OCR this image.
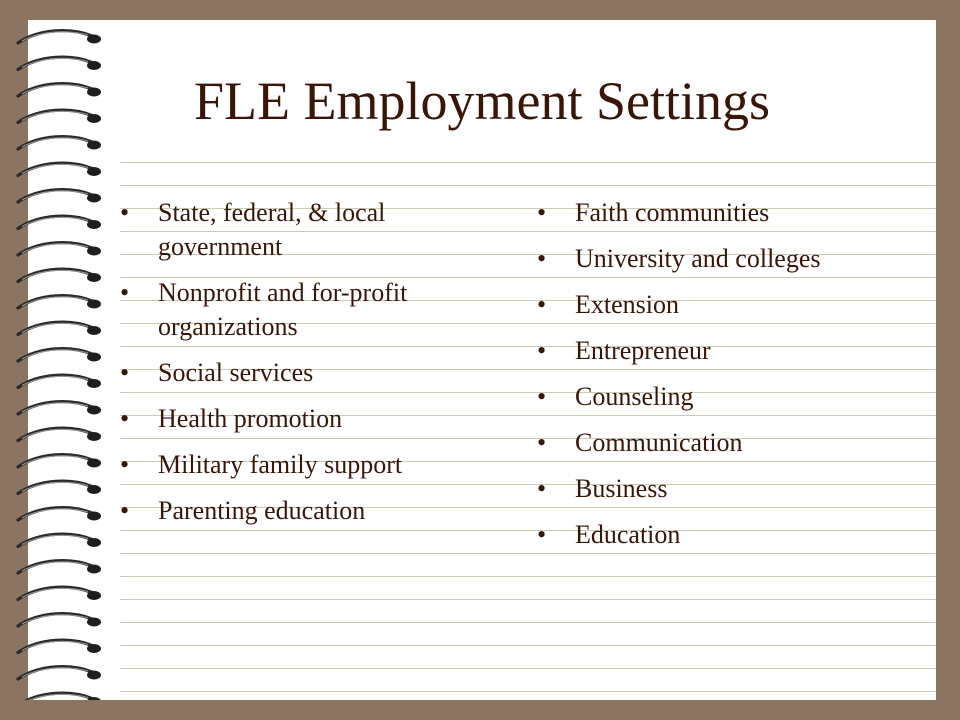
FLE Employment Settings
• State, federal, & local government
• Nonprofit and for-profit organizations
• Social services
• Health promotion
• Military family support
• Parenting education
• Faith communities
• University and colleges
• Extension
• Entrepreneur
• Counseling
• Communication
• Business
• Education
